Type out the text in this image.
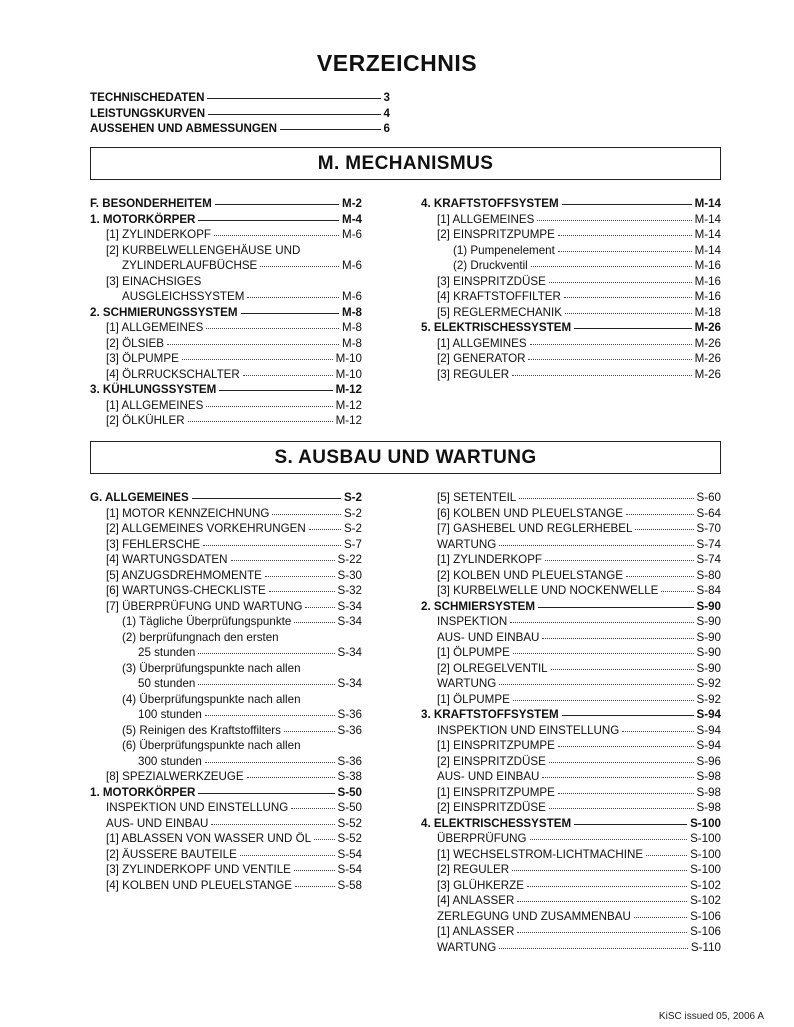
VERZEICHNIS
TECHNISCHEDATEN	3
LEISTUNGSKURVEN	4
AUSSEHEN UND ABMESSUNGEN	6
M. MECHANISMUS
F. BESONDERHEITEM	M-2
1. MOTORKÖRPER	M-4
[1] ZYLINDERKOPF	M-6
[2] KURBELWELLENGEHÄUSE UND
ZYLINDERLAUFBÜCHSE	M-6
[3] EINACHSIGES
AUSGLEICHSSYSTEM	M-6
2. SCHMIERUNGSSYSTEM	M-8
[1] ALLGEMEINES	M-8
[2] ÖLSIEB	M-8
[3] ÖLPUMPE	M-10
[4] ÖLRRUCKSCHALTER	M-10
3. KÜHLUNGSSYSTEM	M-12
[1] ALLGEMEINES	M-12
[2] ÖLKÜHLER	M-12
4. KRAFTSTOFFSYSTEM	M-14
[1] ALLGEMEINES	M-14
[2] EINSPRITZPUMPE	M-14
(1) Pumpenelement	M-14
(2) Druckventil	M-16
[3] EINSPRITZDÜSE	M-16
[4] KRAFTSTOFFILTER	M-16
[5] REGLERMECHANIK	M-18
5. ELEKTRISCHESSYSTEM	M-26
[1] ALLGEMINES	M-26
[2] GENERATOR	M-26
[3] REGULER	M-26
S. AUSBAU UND WARTUNG
G. ALLGEMEINES	S-2
[1] MOTOR KENNZEICHNUNG	S-2
[2] ALLGEMEINES VORKEHRUNGEN	S-2
[3] FEHLERSCHE	S-7
[4] WARTUNGSDATEN	S-22
[5] ANZUGSDREHMOMENTE	S-30
[6] WARTUNGS-CHECKLISTE	S-32
[7] ÜBERPRÜFUNG UND WARTUNG	S-34
(1) Tägliche Überprüfungspunkte	S-34
(2) berprüfungnach den ersten
25 stunden	S-34
(3) Überprüfungspunkte nach allen
50 stunden	S-34
(4) Überprüfungspunkte nach allen
100 stunden	S-36
(5) Reinigen des Kraftstoffilters	S-36
(6) Überprüfungspunkte nach allen
300 stunden	S-36
[8] SPEZIALWERKZEUGE	S-38
1. MOTORKÖRPER	S-50
INSPEKTION UND EINSTELLUNG	S-50
AUS- UND EINBAU	S-52
[1] ABLASSEN VON WASSER UND ÖL S-52
[2] ÄUSSERE BAUTEILE	S-54
[3] ZYLINDERKOPF UND VENTILE	S-54
[4] KOLBEN UND PLEUELSTANGE	S-58
[5] SETENTEIL	S-60
[6] KOLBEN UND PLEUELSTANGE	S-64
[7] GASHEBEL UND REGLERHEBEL	S-70
WARTUNG	S-74
[1] ZYLINDERKOPF	S-74
[2] KOLBEN UND PLEUELSTANGE	S-80
[3] KURBELWELLE UND NOCKENWELLE	S-84
2. SCHMIERSYSTEM	S-90
INSPEKTION	S-90
AUS- UND EINBAU	S-90
[1] ÖLPUMPE	S-90
[2] OLREGELVENTIL	S-90
WARTUNG	S-92
[1] ÖLPUMPE	S-92
3. KRAFTSTOFFSYSTEM	S-94
INSPEKTION UND EINSTELLUNG	S-94
[1] EINSPRITZPUMPE	S-94
[2] EINSPRITZDÜSE	S-96
AUS- UND EINBAU	S-98
[1] EINSPRITZPUMPE	S-98
[2] EINSPRITZDÜSE	S-98
4. ELEKTRISCHESSYSTEM	S-100
ÜBERPRÜFUNG	S-100
[1] WECHSELSTROM-LICHTMACHINE	S-100
[2] REGULER	S-100
[3] GLÜHKERZE	S-102
[4] ANLASSER	S-102
ZERLEGUNG UND ZUSAMMENBAU	S-106
[1] ANLASSER	S-106
WARTUNG	S-110
KiSC issued 05, 2006 A
